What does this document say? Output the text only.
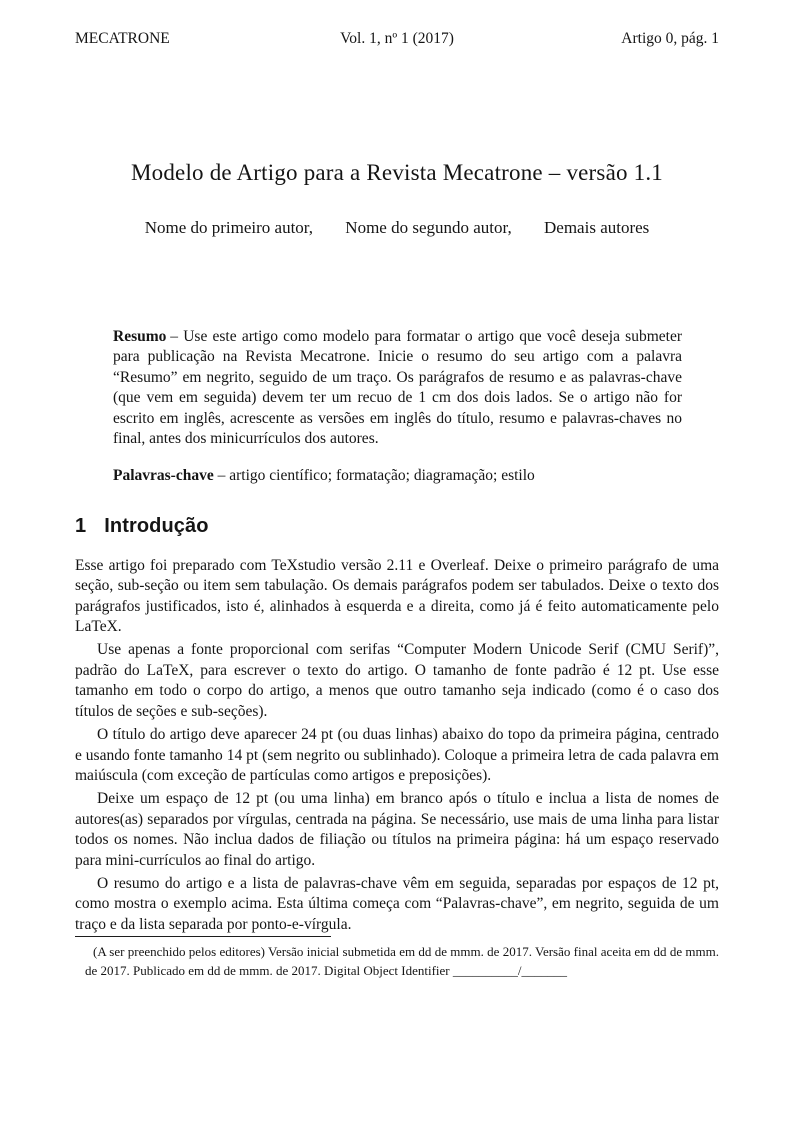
MECATRONE	Vol. 1, nº 1 (2017)	Artigo 0, pág. 1
Modelo de Artigo para a Revista Mecatrone – versão 1.1
Nome do primeiro autor, Nome do segundo autor, Demais autores

Resumo – Use este artigo como modelo para formatar o artigo que você deseja submeter para publicação na Revista Mecatrone. Inicie o resumo do seu artigo com a palavra “Resumo” em negrito, seguido de um traço. Os parágrafos de resumo e as palavras-chave (que vem em seguida) devem ter um recuo de 1 cm dos dois lados. Se o artigo não for escrito em inglês, acrescente as versões em inglês do título, resumo e palavras-chaves no final, antes dos minicurrículos dos autores.

Palavras-chave – artigo científico; formatação; diagramação; estilo

1 Introdução

Esse artigo foi preparado com TeXstudio versão 2.11 e Overleaf. Deixe o primeiro parágrafo de uma seção, sub-seção ou item sem tabulação. Os demais parágrafos podem ser tabulados. Deixe o texto dos parágrafos justificados, isto é, alinhados à esquerda e a direita, como já é feito automaticamente pelo LaTeX.

Use apenas a fonte proporcional com serifas “Computer Modern Unicode Serif (CMU Serif)”, padrão do LaTeX, para escrever o texto do artigo. O tamanho de fonte padrão é 12 pt. Use esse tamanho em todo o corpo do artigo, a menos que outro tamanho seja indicado (como é o caso dos títulos de seções e sub-seções).

O título do artigo deve aparecer 24 pt (ou duas linhas) abaixo do topo da primeira página, centrado e usando fonte tamanho 14 pt (sem negrito ou sublinhado). Coloque a primeira letra de cada palavra em maiúscula (com exceção de partículas como artigos e preposições).

Deixe um espaço de 12 pt (ou uma linha) em branco após o título e inclua a lista de nomes de autores(as) separados por vírgulas, centrada na página. Se necessário, use mais de uma linha para listar todos os nomes. Não inclua dados de filiação ou títulos na primeira página: há um espaço reservado para mini-currículos ao final do artigo.

O resumo do artigo e a lista de palavras-chave vêm em seguida, separadas por espaços de 12 pt, como mostra o exemplo acima. Esta última começa com “Palavras-chave”, em negrito, seguida de um traço e da lista separada por ponto-e-vírgula.

(A ser preenchido pelos editores) Versão inicial submetida em dd de mmm. de 2017. Versão final aceita em dd de mmm. de 2017. Publicado em dd de mmm. de 2017. Digital Object Identifier __________/_______
